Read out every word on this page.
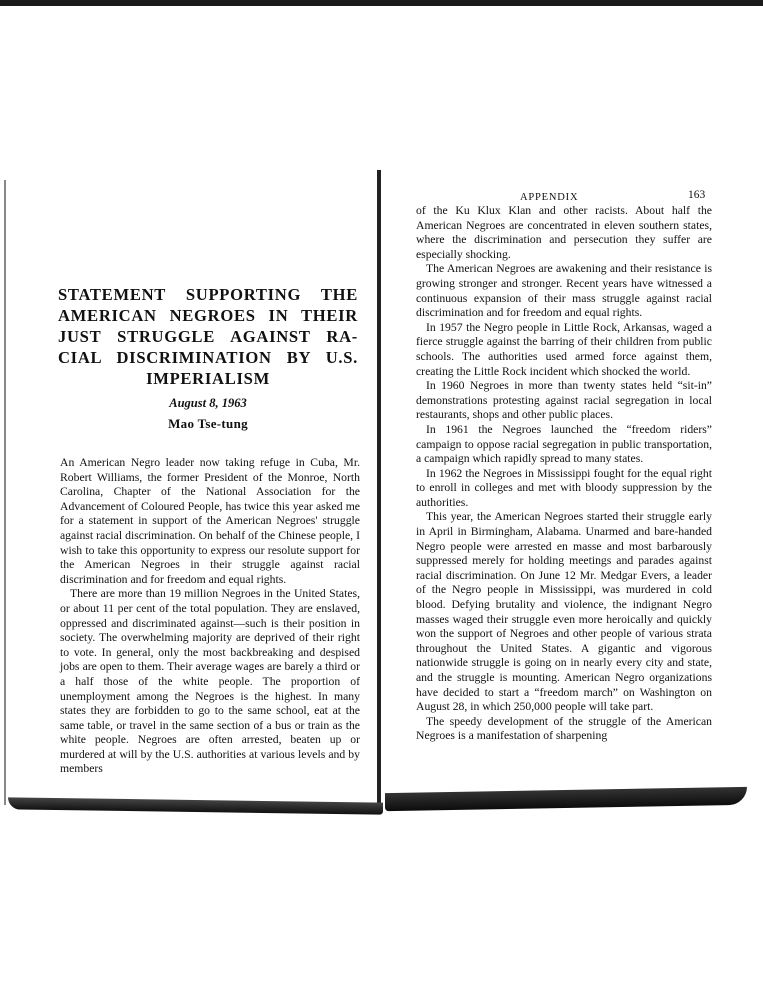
STATEMENT SUPPORTING THE
AMERICAN NEGROES IN THEIR
JUST STRUGGLE AGAINST RA-
CIAL DISCRIMINATION BY U.S.
IMPERIALISM
August 8, 1963
Mao Tse-tung

An American Negro leader now taking refuge in Cuba, Mr. Robert Williams, the former President of the Monroe, North Carolina, Chapter of the National Association for the Advancement of Coloured People, has twice this year asked me for a statement in support of the American Negroes' struggle against racial discrimination. On behalf of the Chinese people, I wish to take this opportunity to express our resolute support for the American Negroes in their struggle against racial discrimination and for freedom and equal rights.

There are more than 19 million Negroes in the United States, or about 11 per cent of the total population. They are enslaved, oppressed and discriminated against—such is their position in society. The overwhelming majority are deprived of their right to vote. In general, only the most backbreaking and despised jobs are open to them. Their average wages are barely a third or a half those of the white people. The proportion of unemployment among the Negroes is the highest. In many states they are forbidden to go to the same school, eat at the same table, or travel in the same section of a bus or train as the white people. Negroes are often arrested, beaten up or murdered at will by the U.S. authorities at various levels and by members

APPENDIX	163

of the Ku Klux Klan and other racists. About half the American Negroes are concentrated in eleven southern states, where the discrimination and persecution they suffer are especially shocking.

The American Negroes are awakening and their resistance is growing stronger and stronger. Recent years have witnessed a continuous expansion of their mass struggle against racial discrimination and for freedom and equal rights.

In 1957 the Negro people in Little Rock, Arkansas, waged a fierce struggle against the barring of their children from public schools. The authorities used armed force against them, creating the Little Rock incident which shocked the world.

In 1960 Negroes in more than twenty states held “sit-in” demonstrations protesting against racial segregation in local restaurants, shops and other public places.

In 1961 the Negroes launched the “freedom riders” campaign to oppose racial segregation in public transportation, a campaign which rapidly spread to many states.

In 1962 the Negroes in Mississippi fought for the equal right to enroll in colleges and met with bloody suppression by the authorities.

This year, the American Negroes started their struggle early in April in Birmingham, Alabama. Unarmed and bare-handed Negro people were arrested en masse and most barbarously suppressed merely for holding meetings and parades against racial discrimination. On June 12 Mr. Medgar Evers, a leader of the Negro people in Mississippi, was murdered in cold blood. Defying brutality and violence, the indignant Negro masses waged their struggle even more heroically and quickly won the support of Negroes and other people of various strata throughout the United States. A gigantic and vigorous nationwide struggle is going on in nearly every city and state, and the struggle is mounting. American Negro organizations have decided to start a “freedom march” on Washington on August 28, in which 250,000 people will take part.

The speedy development of the struggle of the American Negroes is a manifestation of sharpening
